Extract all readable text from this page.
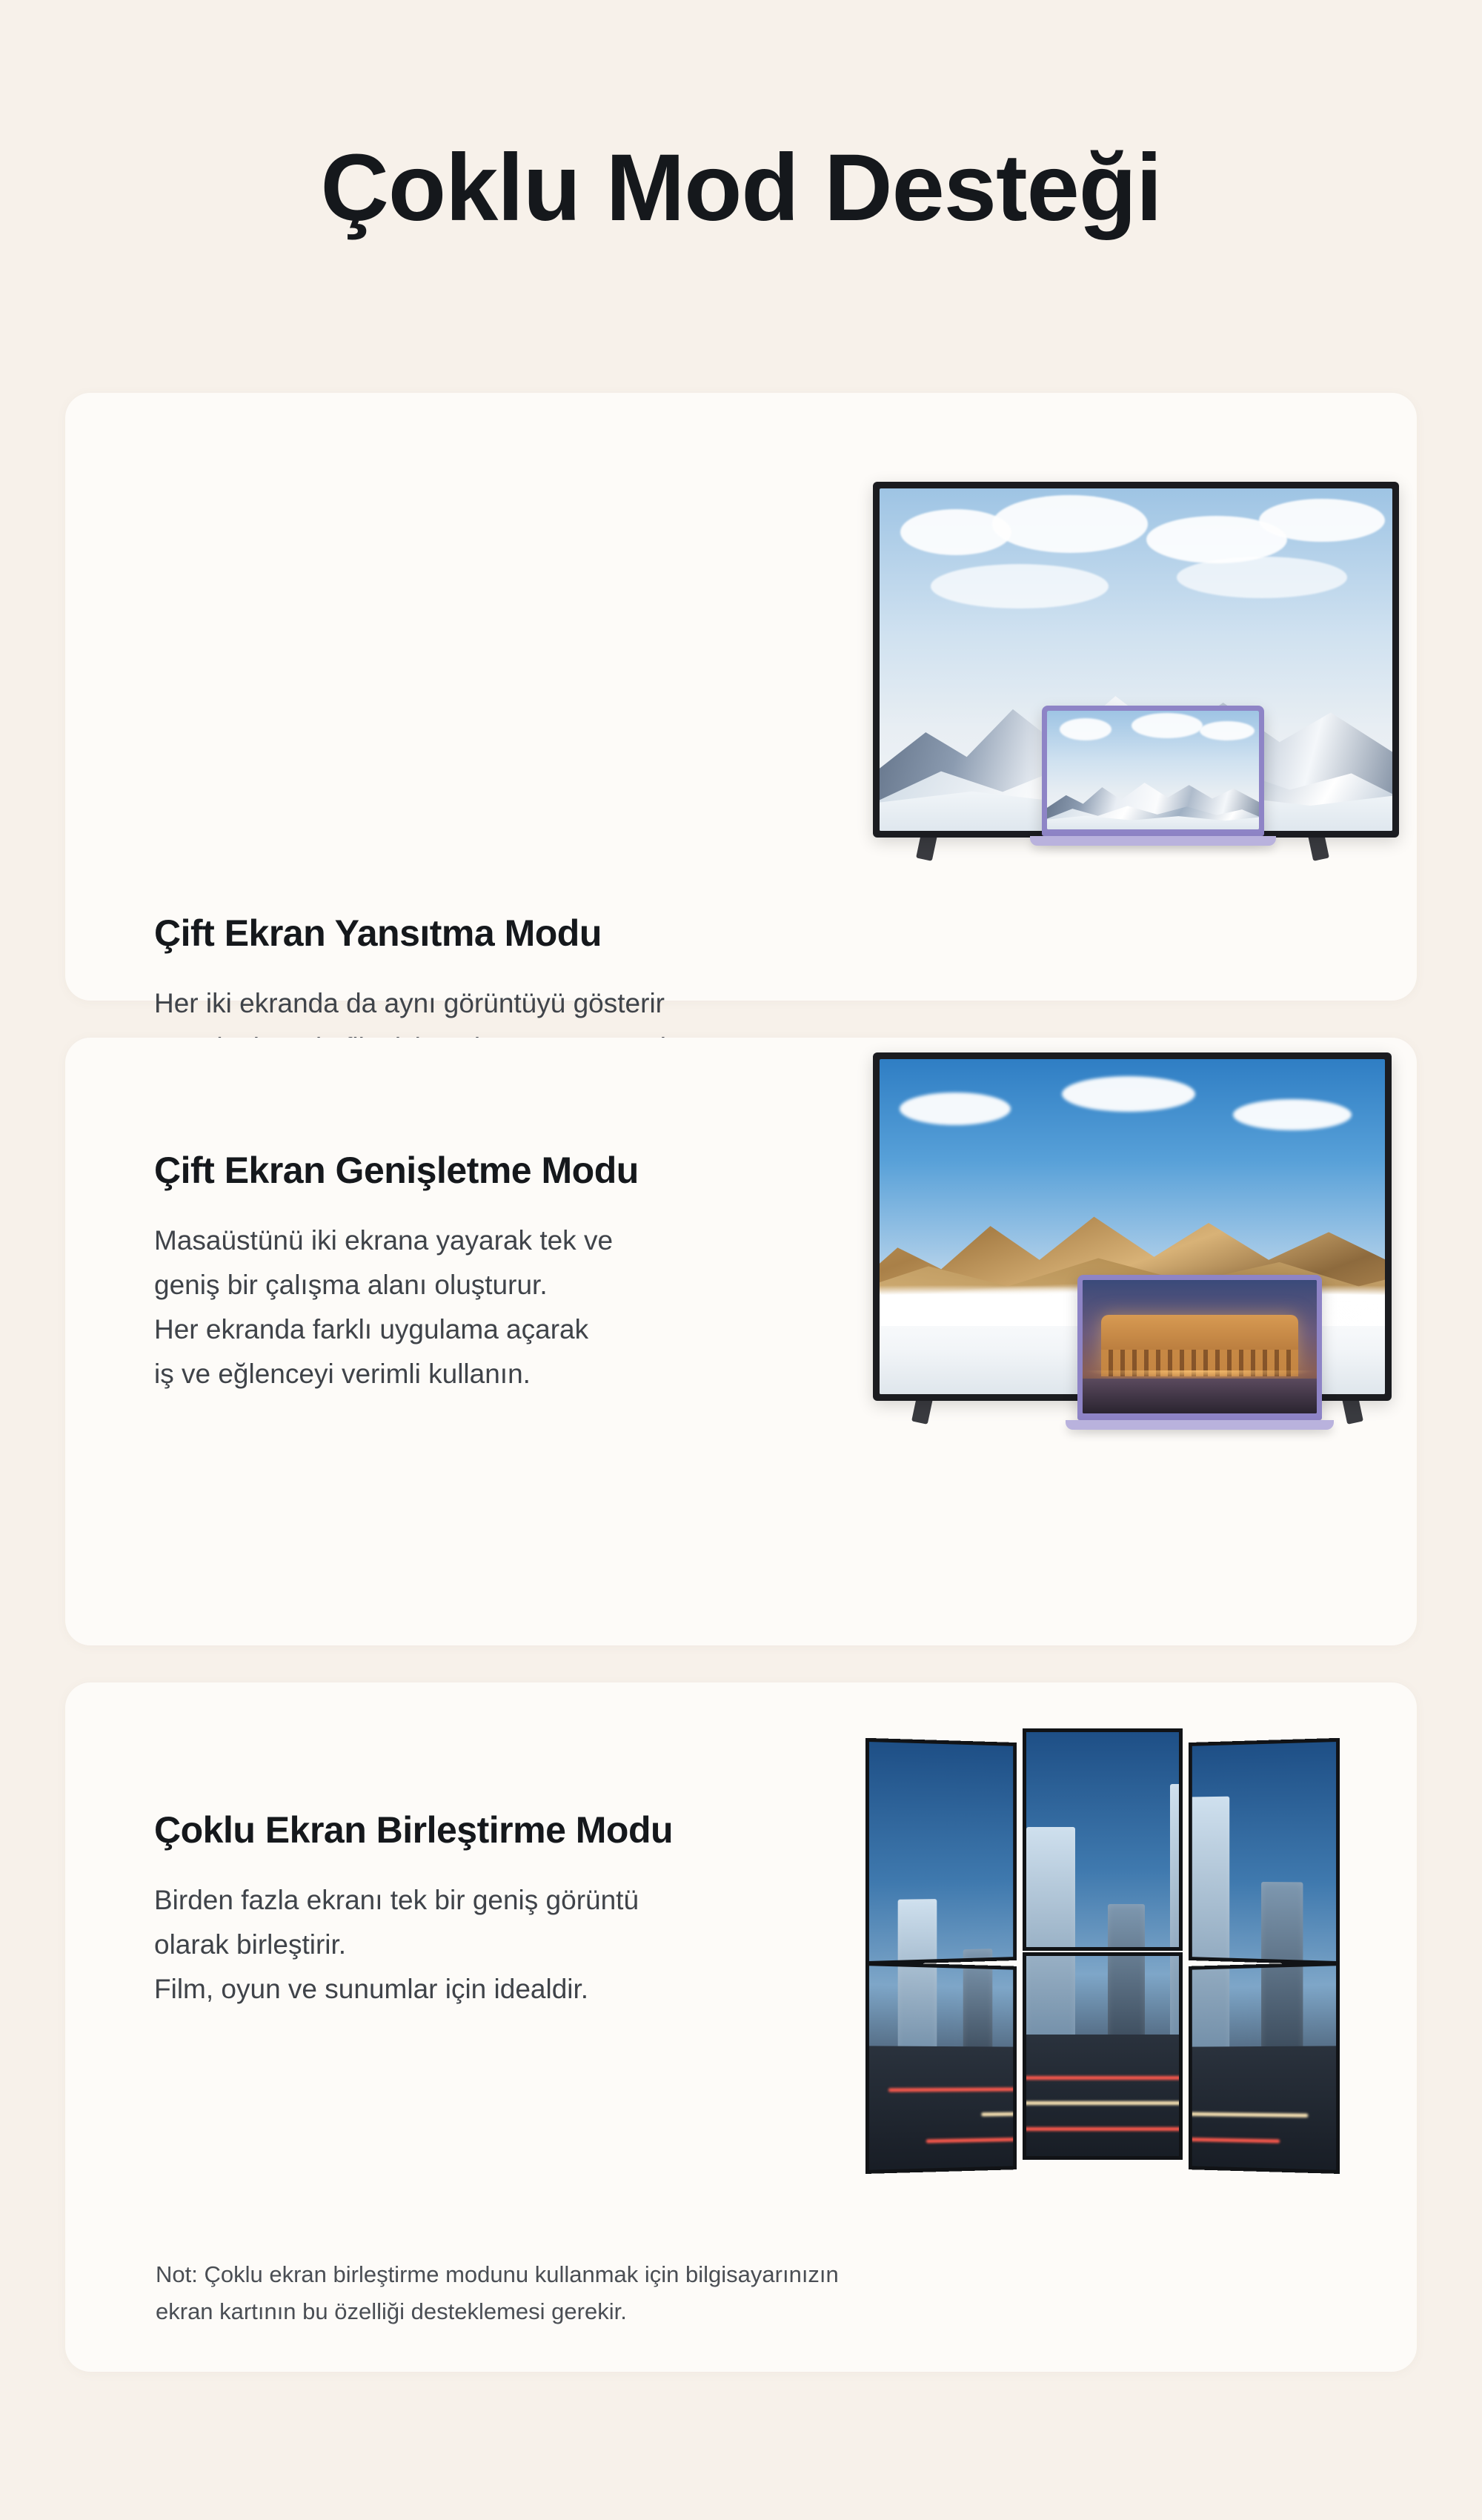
Çoklu Mod Desteği
Çift Ekran Yansıtma Modu
Her iki ekranda da aynı görüntüyü gösterir
Çift Ekran Genişletme Modu
Masaüstünü iki ekrana yayarak tek ve
geniş bir çalışma alanı oluşturur.
Her ekranda farklı uygulama açarak
iş ve eğlenceyi verimli kullanın.
Çoklu Ekran Birleştirme Modu
Birden fazla ekranı tek bir geniş görüntü
olarak birleştirir.
Film, oyun ve sunumlar için idealdir.
Not: Çoklu ekran birleştirme modunu kullanmak için bilgisayarınızın
ekran kartının bu özelliği desteklemesi gerekir.
